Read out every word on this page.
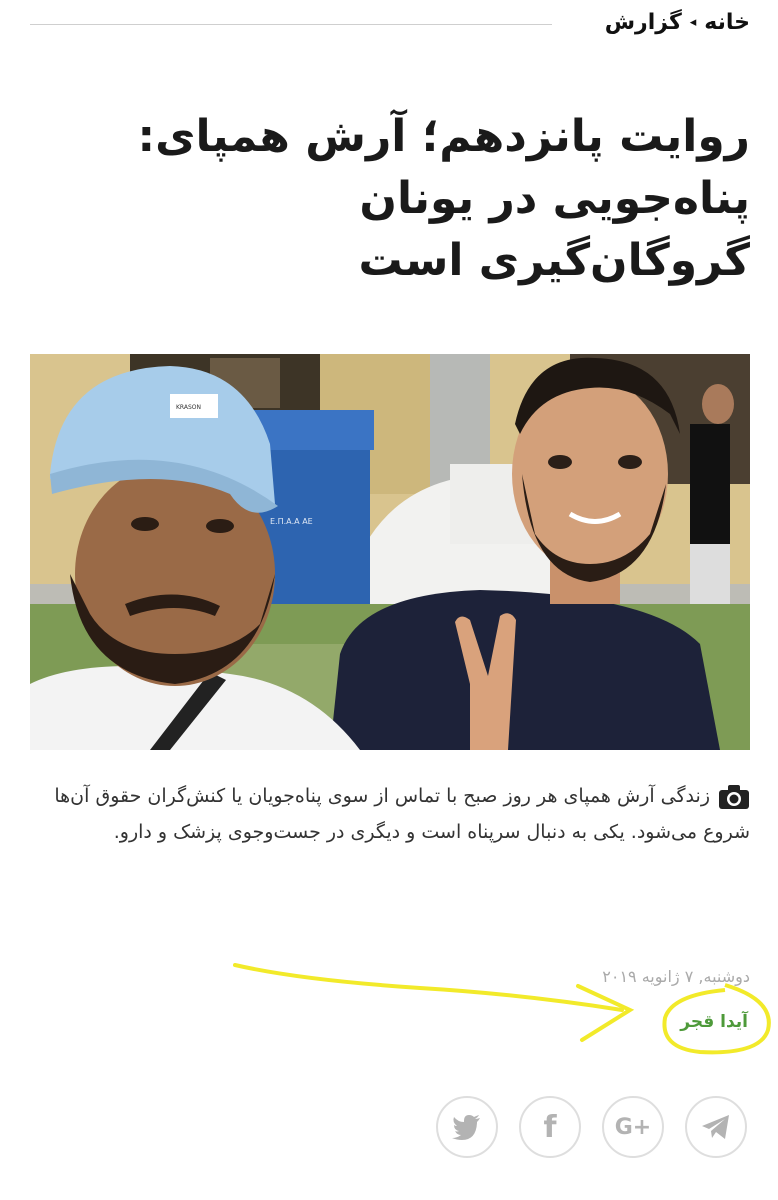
خانه
◂
گزارش
روایت پانزدهم؛ آرش همپای: پناه‌جویی در یونان گروگان‌گیری است
Ε.Π.Α.Α ΑΕ
KRASON

زندگی آرش همپای هر روز صبح با تماس از سوی پناه‌جویان یا کنش‌گران حقوق آن‌ها شروع می‌شود. یکی به دنبال سرپناه است و دیگری در جست‌وجوی پزشک و دارو.

دوشنبه, ۷ ژانویه ۲۰۱۹
آیدا قجر
f	G+
